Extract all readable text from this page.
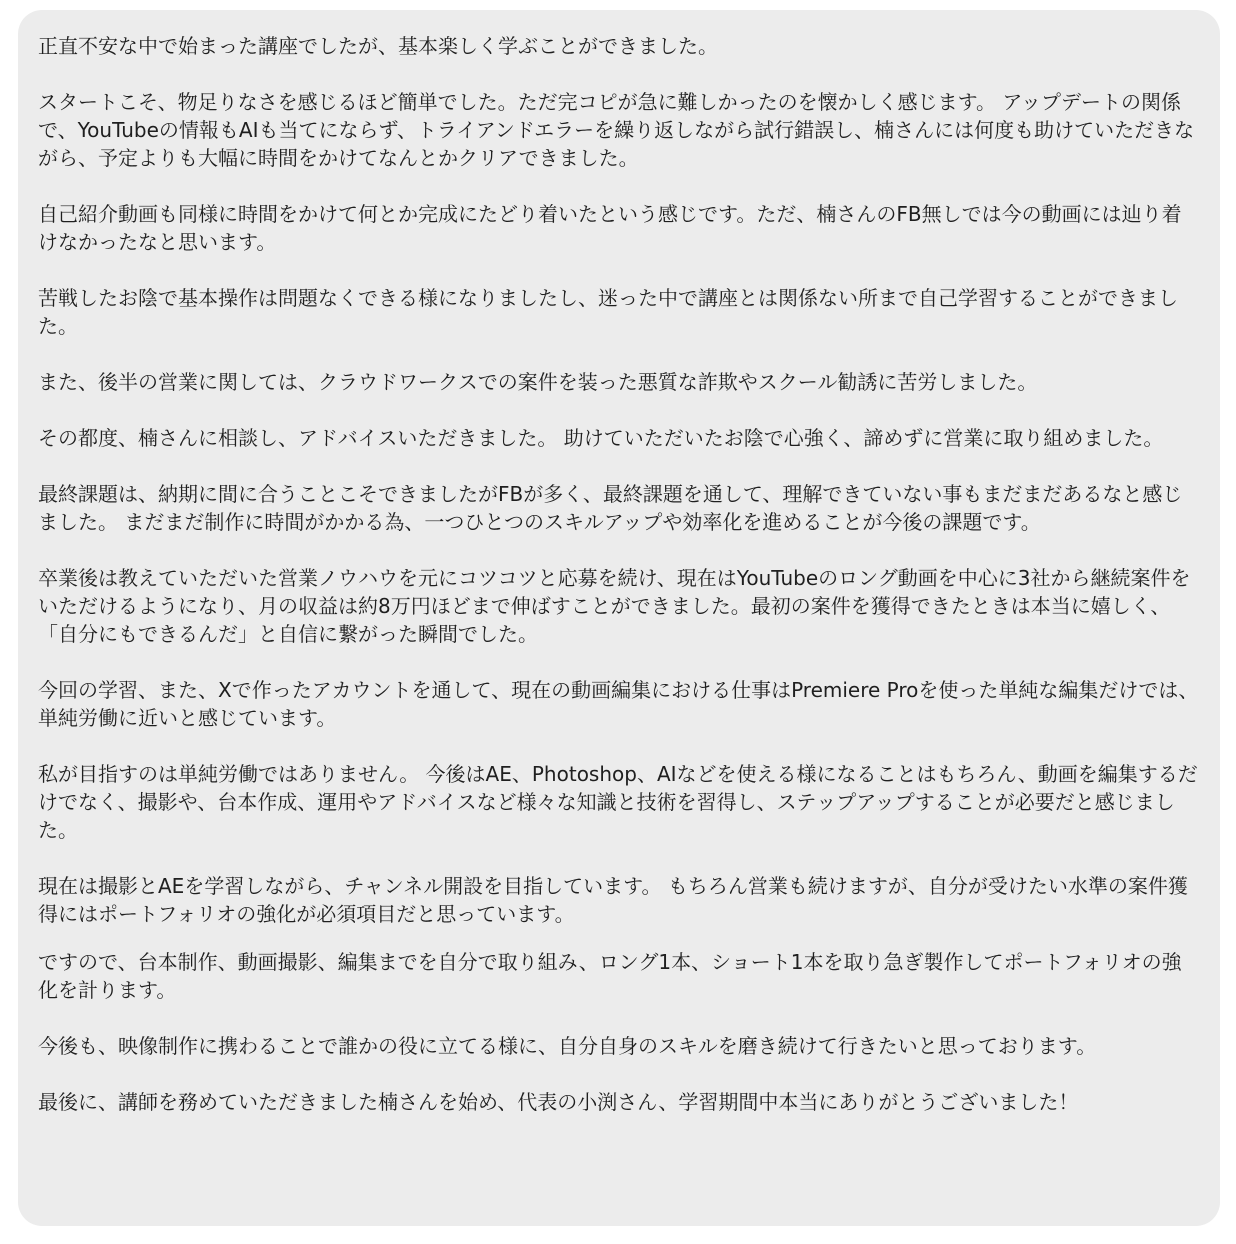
正直不安な中で始まった講座でしたが、基本楽しく学ぶことができました。

スタートこそ、物足りなさを感じるほど簡単でした。ただ完コピが急に難しかったのを懐かしく感じます。 アップデートの関係で、YouTubeの情報もAIも当てにならず、トライアンドエラーを繰り返しながら試行錯誤し、楠さんには何度も助けていただきながら、予定よりも大幅に時間をかけてなんとかクリアできました。

自己紹介動画も同様に時間をかけて何とか完成にたどり着いたという感じです。ただ、楠さんのFB無しでは今の動画には辿り着けなかったなと思います。

苦戦したお陰で基本操作は問題なくできる様になりましたし、迷った中で講座とは関係ない所まで自己学習することができました。

また、後半の営業に関しては、クラウドワークスでの案件を装った悪質な詐欺やスクール勧誘に苦労しました。

その都度、楠さんに相談し、アドバイスいただきました。 助けていただいたお陰で心強く、諦めずに営業に取り組めました。

最終課題は、納期に間に合うことこそできましたがFBが多く、最終課題を通して、理解できていない事もまだまだあるなと感じました。 まだまだ制作に時間がかかる為、一つひとつのスキルアップや効率化を進めることが今後の課題です。

卒業後は教えていただいた営業ノウハウを元にコツコツと応募を続け、現在はYouTubeのロング動画を中心に3社から継続案件をいただけるようになり、月の収益は約8万円ほどまで伸ばすことができました。最初の案件を獲得できたときは本当に嬉しく、「自分にもできるんだ」と自信に繋がった瞬間でした。

今回の学習、また、Xで作ったアカウントを通して、現在の動画編集における仕事はPremiere Proを使った単純な編集だけでは、単純労働に近いと感じています。

私が目指すのは単純労働ではありません。 今後はAE、Photoshop、AIなどを使える様になることはもちろん、動画を編集するだけでなく、撮影や、台本作成、運用やアドバイスなど様々な知識と技術を習得し、ステップアップすることが必要だと感じました。

現在は撮影とAEを学習しながら、チャンネル開設を目指しています。 もちろん営業も続けますが、自分が受けたい水準の案件獲得にはポートフォリオの強化が必須項目だと思っています。

ですので、台本制作、動画撮影、編集までを自分で取り組み、ロング1本、ショート1本を取り急ぎ製作してポートフォリオの強化を計ります。

今後も、映像制作に携わることで誰かの役に立てる様に、自分自身のスキルを磨き続けて行きたいと思っております。

最後に、講師を務めていただきました楠さんを始め、代表の小渕さん、学習期間中本当にありがとうございました！
